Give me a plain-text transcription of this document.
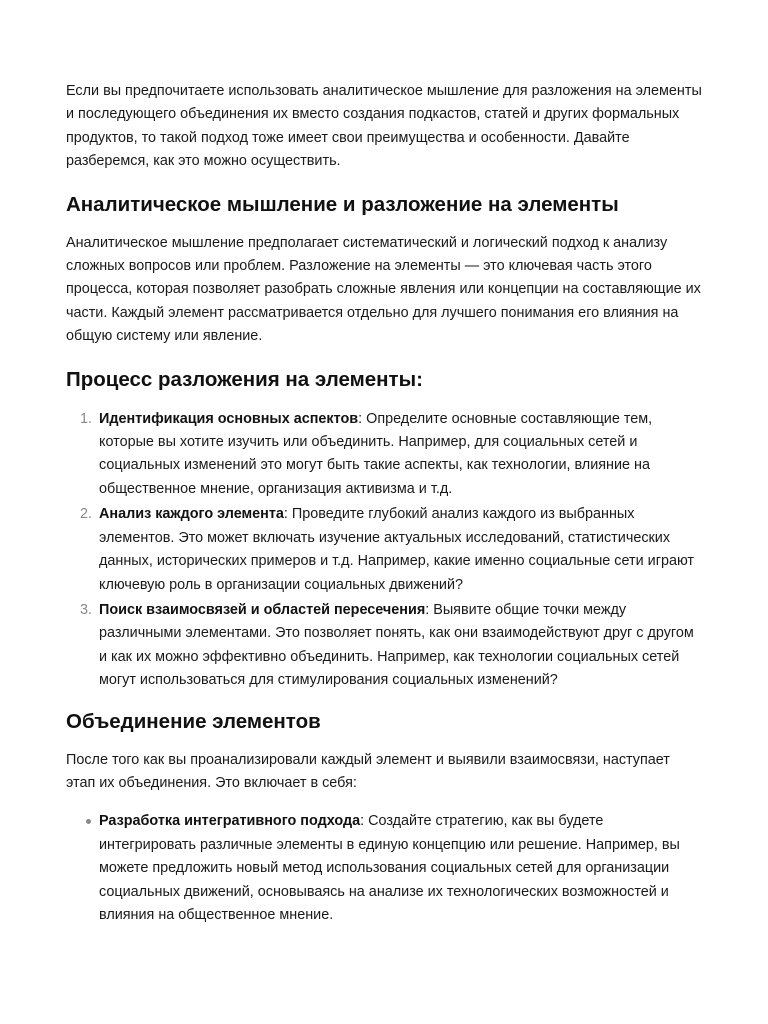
Если вы предпочитаете использовать аналитическое мышление для разложения на элементы и последующего объединения их вместо создания подкастов, статей и других формальных продуктов, то такой подход тоже имеет свои преимущества и особенности. Давайте разберемся, как это можно осуществить.

Аналитическое мышление и разложение на элементы

Аналитическое мышление предполагает систематический и логический подход к анализу сложных вопросов или проблем. Разложение на элементы — это ключевая часть этого процесса, которая позволяет разобрать сложные явления или концепции на составляющие их части. Каждый элемент рассматривается отдельно для лучшего понимания его влияния на общую систему или явление.

Процесс разложения на элементы:
1. Идентификация основных аспектов: Определите основные составляющие тем, которые вы хотите изучить или объединить. Например, для социальных сетей и социальных изменений это могут быть такие аспекты, как технологии, влияние на общественное мнение, организация активизма и т.д.
2. Анализ каждого элемента: Проведите глубокий анализ каждого из выбранных элементов. Это может включать изучение актуальных исследований, статистических данных, исторических примеров и т.д. Например, какие именно социальные сети играют ключевую роль в организации социальных движений?
3. Поиск взаимосвязей и областей пересечения: Выявите общие точки между различными элементами. Это позволяет понять, как они взаимодействуют друг с другом и как их можно эффективно объединить. Например, как технологии социальных сетей могут использоваться для стимулирования социальных изменений?
Объединение элементов

После того как вы проанализировали каждый элемент и выявили взаимосвязи, наступает этап их объединения. Это включает в себя:

Разработка интегративного подхода: Создайте стратегию, как вы будете интегрировать различные элементы в единую концепцию или решение. Например, вы можете предложить новый метод использования социальных сетей для организации социальных движений, основываясь на анализе их технологических возможностей и влияния на общественное мнение.
